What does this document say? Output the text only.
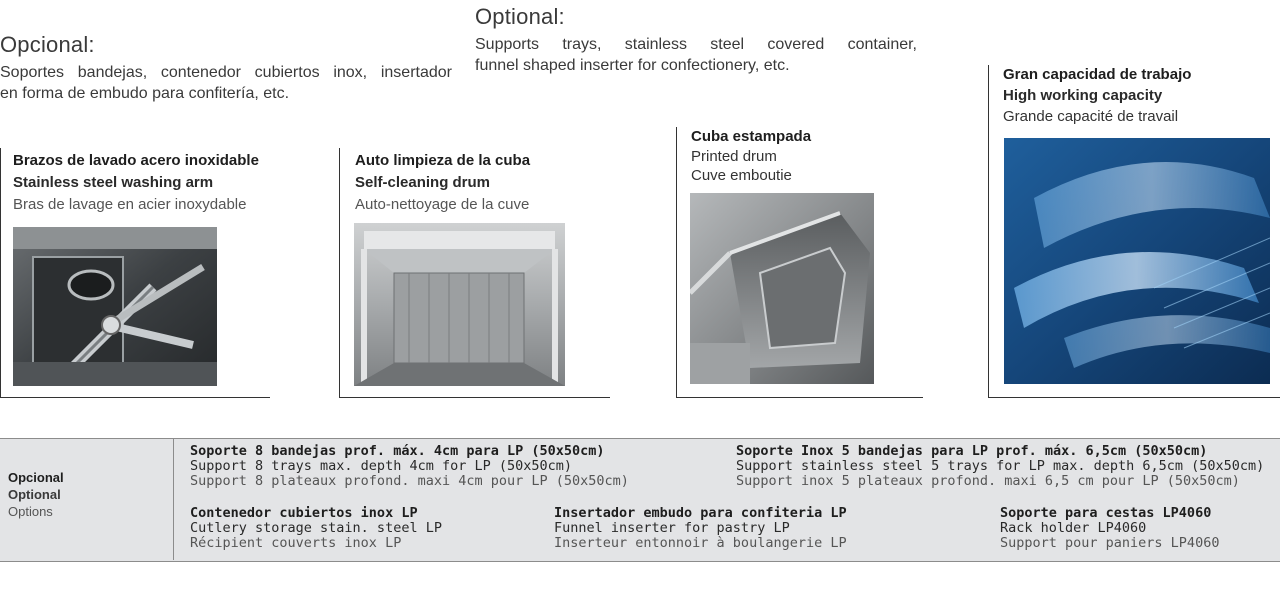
Opcional:
Soportes bandejas, contenedor cubiertos inox, insertador
en forma de embudo para confitería, etc.
Optional:
Supports trays, stainless steel covered container,
funnel shaped inserter for confectionery, etc.
Brazos de lavado acero inoxidable
Stainless steel washing arm
Bras de lavage en acier inoxydable
Auto limpieza de la cuba
Self-cleaning drum
Auto-nettoyage de la cuve
Cuba estampada
Printed drum
Cuve emboutie
Gran capacidad de trabajo
High working capacity
Grande capacité de travail
Opcional
Optional
Options
Soporte 8 bandejas prof. máx. 4cm para LP (50x50cm)
Support 8 trays max. depth 4cm for LP (50x50cm)
Support 8 plateaux profond. maxi 4cm pour LP (50x50cm)
Soporte Inox 5 bandejas para LP prof. máx. 6,5cm (50x50cm)
Support stainless steel 5 trays for LP max. depth 6,5cm (50x50cm)
Support inox 5 plateaux profond. maxi 6,5 cm pour LP (50x50cm)
Contenedor cubiertos inox LP
Cutlery storage stain. steel LP
Récipient couverts inox LP
Insertador embudo para confiteria LP
Funnel inserter for pastry LP
Inserteur entonnoir à boulangerie LP
Soporte para cestas LP4060
Rack holder LP4060
Support pour paniers LP4060
